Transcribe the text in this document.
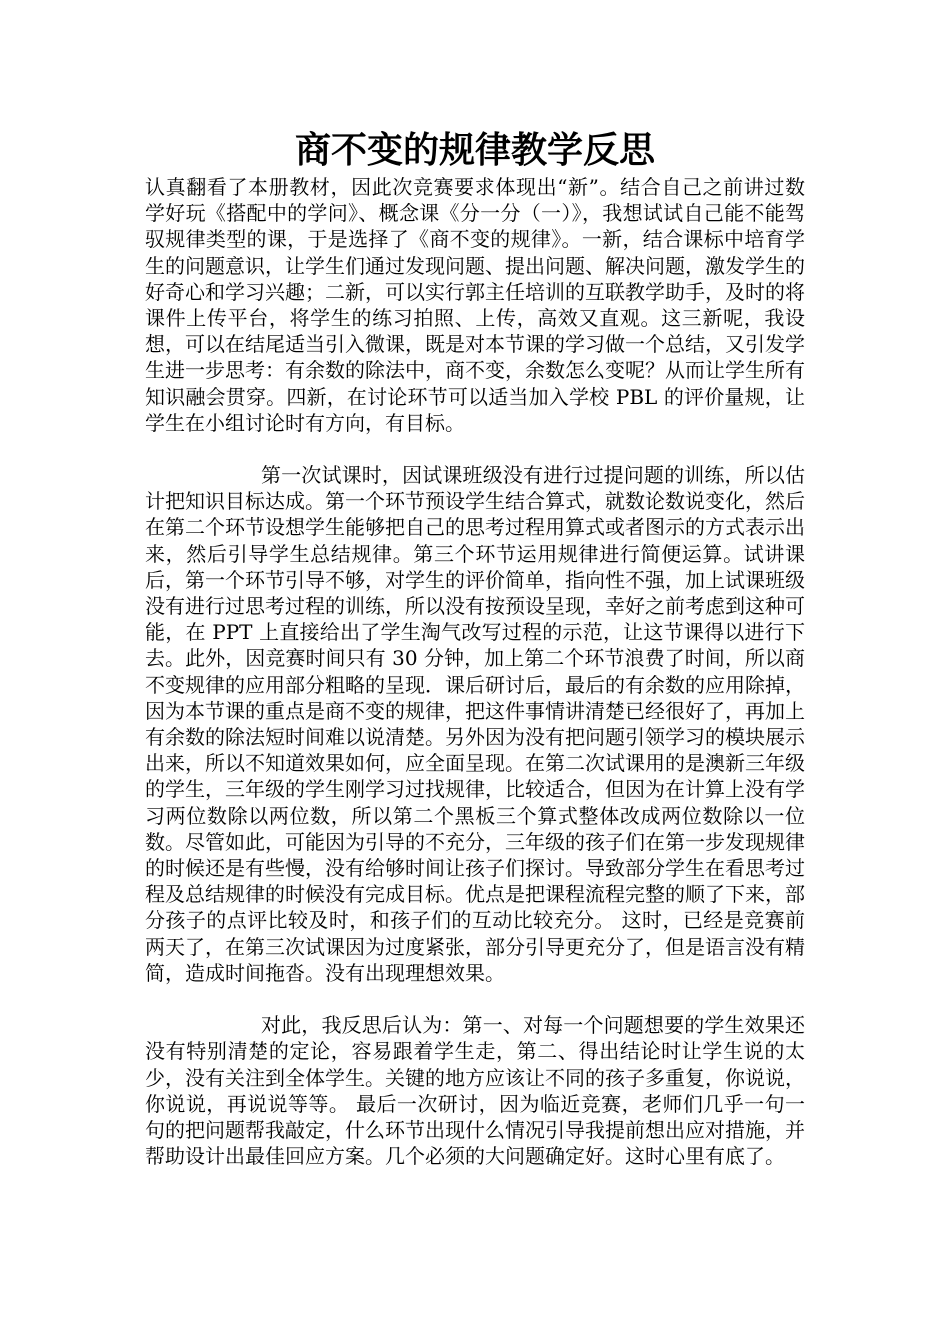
商不变的规律教学反思

认真翻看了本册教材，因此次竞赛要求体现出“新”。结合自己之前讲过数学好玩《搭配中的学问》、概念课《分一分（一）》，我想试试自己能不能驾驭规律类型的课，于是选择了《商不变的规律》。一新，结合课标中培育学生的问题意识，让学生们通过发现问题、提出问题、解决问题，激发学生的好奇心和学习兴趣；二新，可以实行郭主任培训的互联教学助手，及时的将课件上传平台，将学生的练习拍照、上传，高效又直观。这三新呢，我设想，可以在结尾适当引入微课，既是对本节课的学习做一个总结，又引发学生进一步思考：有余数的除法中，商不变，余数怎么变呢？从而让学生所有知识融会贯穿。四新，在讨论环节可以适当加入学校 PBL 的评价量规，让学生在小组讨论时有方向，有目标。

第一次试课时，因试课班级没有进行过提问题的训练，所以估计把知识目标达成。第一个环节预设学生结合算式，就数论数说变化，然后在第二个环节设想学生能够把自己的思考过程用算式或者图示的方式表示出来，然后引导学生总结规律。第三个环节运用规律进行简便运算。试讲课后，第一个环节引导不够，对学生的评价简单，指向性不强，加上试课班级没有进行过思考过程的训练，所以没有按预设呈现，幸好之前考虑到这种可能，在 PPT 上直接给出了学生淘气改写过程的示范，让这节课得以进行下去。此外，因竞赛时间只有 30 分钟，加上第二个环节浪费了时间，所以商不变规律的应用部分粗略的呈现．课后研讨后，最后的有余数的应用除掉，因为本节课的重点是商不变的规律，把这件事情讲清楚已经很好了，再加上有余数的除法短时间难以说清楚。另外因为没有把问题引领学习的模块展示出来，所以不知道效果如何，应全面呈现。在第二次试课用的是澳新三年级的学生，三年级的学生刚学习过找规律，比较适合，但因为在计算上没有学习两位数除以两位数，所以第二个黑板三个算式整体改成两位数除以一位数。尽管如此，可能因为引导的不充分，三年级的孩子们在第一步发现规律的时候还是有些慢，没有给够时间让孩子们探讨。导致部分学生在看思考过程及总结规律的时候没有完成目标。优点是把课程流程完整的顺了下来，部分孩子的点评比较及时，和孩子们的互动比较充分。 这时，已经是竞赛前两天了，在第三次试课因为过度紧张，部分引导更充分了，但是语言没有精简，造成时间拖沓。没有出现理想效果。

对此，我反思后认为：第一、对每一个问题想要的学生效果还没有特别清楚的定论，容易跟着学生走，第二、得出结论时让学生说的太少，没有关注到全体学生。关键的地方应该让不同的孩子多重复，你说说，你说说，再说说等等。 最后一次研讨，因为临近竞赛，老师们几乎一句一句的把问题帮我敲定，什么环节出现什么情况引导我提前想出应对措施，并帮助设计出最佳回应方案。几个必须的大问题确定好。这时心里有底了。
